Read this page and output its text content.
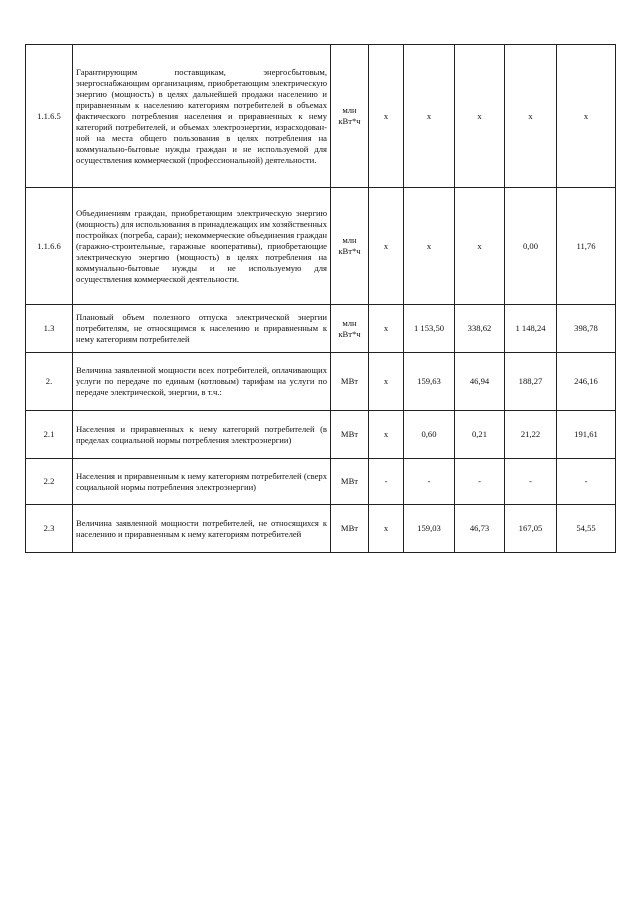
1.1.6.5	Гарантирующим поставщикам, энергосбытовым, энергоснабжающим организациям, приобретающим электрическую энергию (мощность) в целях дальнейшей продажи населению и приравненным к населению категориям потребителей в объемах фактического потребления населения и приравненных к нему категорий потребителей, и объемах электроэнергии, израсходован-ной на места общего пользования в целях потребления на коммунально-бытовые нужды граждан и не используемой для осуществления коммерческой (профессиональной) деятельности.	млн кВт*ч	x	x	x	x	x
1.1.6.6	Объединениям граждан, приобретающим электрическую энергию (мощность) для использования в принадлежащих им хозяйственных постройках (погреба, сараи); некоммерческие объединения граждан (гаражно-строительные, гаражные кооперативы), приобретающие электрическую энергию (мощность) в целях потребления на коммунально-бытовые нужды и не используемую для осуществления коммерческой деятельности.	млн кВт*ч	x	x	x	0,00	11,76
1.3	Плановый объем полезного отпуска электрической энергии потребителям, не относящимся к населению и приравненным к нему категориям потребителей	млн кВт*ч	x	1 153,50	338,62	1 148,24	398,78
2.	Величина заявленной мощности всех потребителей, оплачивающих услуги по передаче по единым (котловым) тарифам на услуги по передаче электрической, энергии, в т.ч.:	МВт	x	159,63	46,94	188,27	246,16
2.1	Населения и приравненных к нему категорий потребителей (в пределах социальной нормы потребления электроэнергии)	МВт	x	0,60	0,21	21,22	191,61
2.2	Населения и приравненным к нему категориям потребителей (сверх социальной нормы потребления электроэнергии)	МВт	-	-	-	-	-
2.3	Величина заявленной мощности потребителей, не относящихся к населению и приравненным к нему категориям потребителей	МВт	x	159,03	46,73	167,05	54,55
